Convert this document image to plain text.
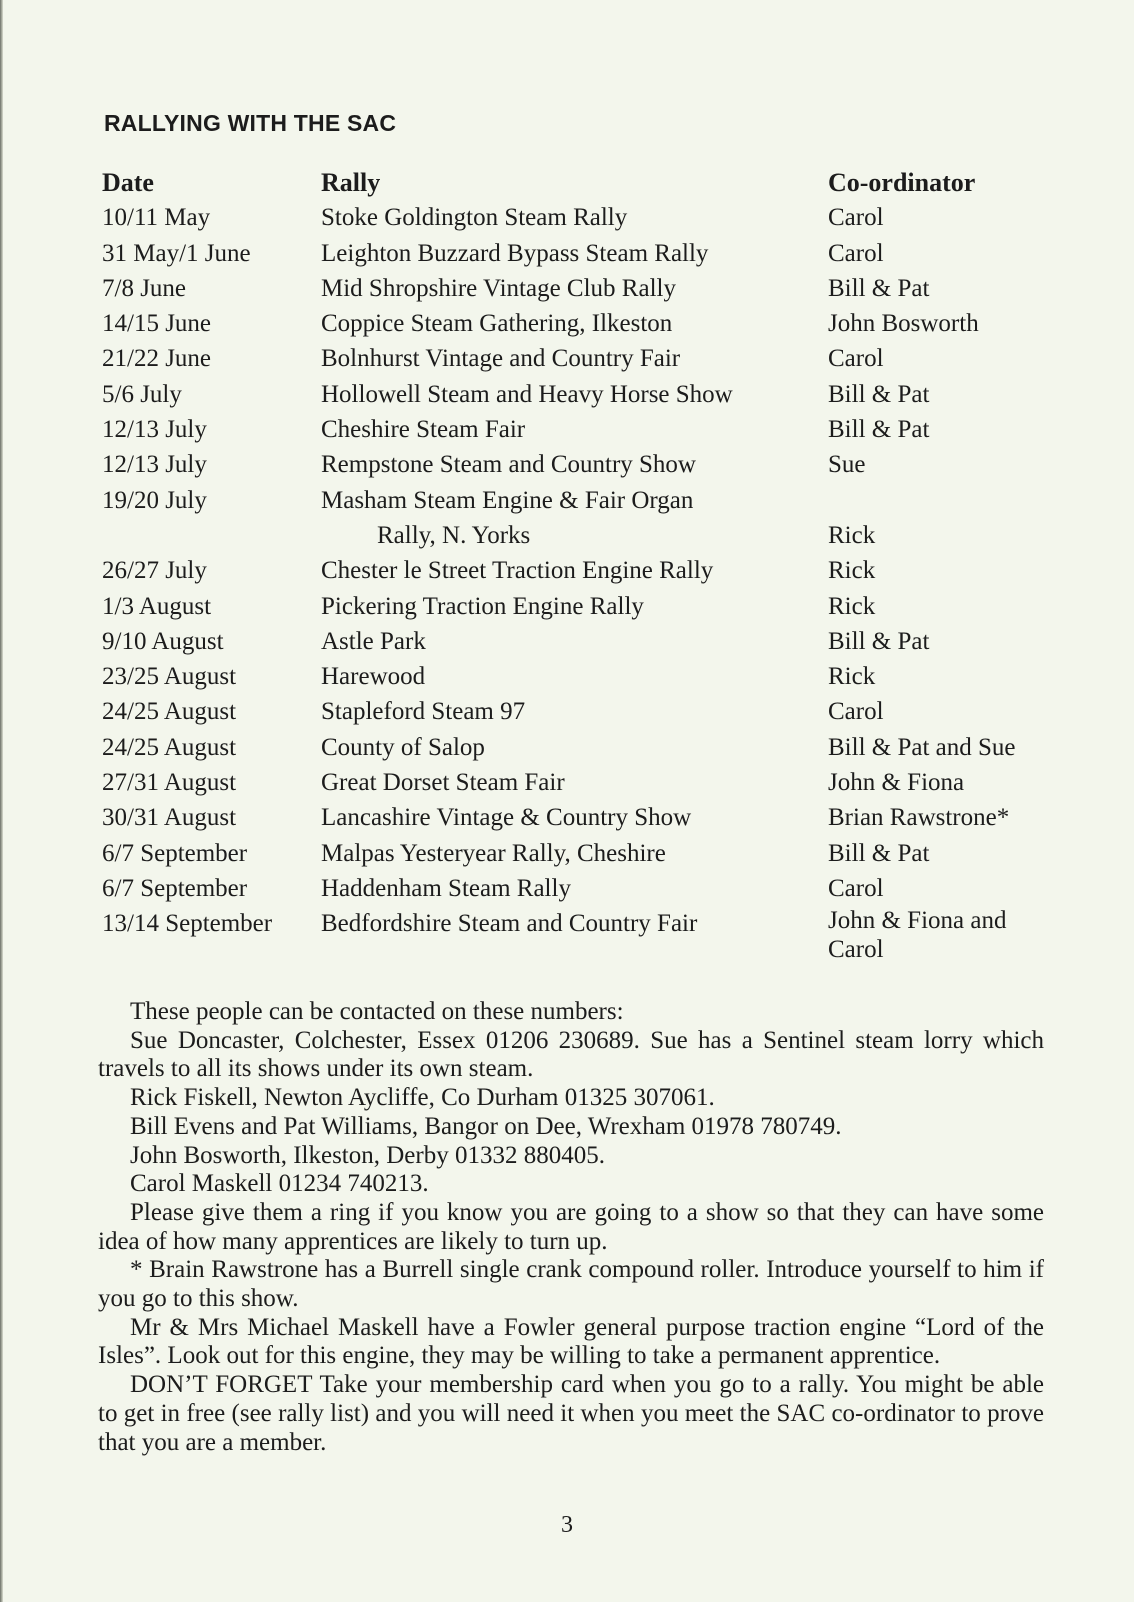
RALLYING WITH THE SAC
Date	Rally	Co-ordinator
10/11 May	Stoke Goldington Steam Rally	Carol
31 May/1 June	Leighton Buzzard Bypass Steam Rally	Carol
7/8 June	Mid Shropshire Vintage Club Rally	Bill & Pat
14/15 June	Coppice Steam Gathering, Ilkeston	John Bosworth
21/22 June	Bolnhurst Vintage and Country Fair	Carol
5/6 July	Hollowell Steam and Heavy Horse Show	Bill & Pat
12/13 July	Cheshire Steam Fair	Bill & Pat
12/13 July	Rempstone Steam and Country Show	Sue
19/20 July	Masham Steam Engine & Fair Organ	
	Rally, N. Yorks	Rick
26/27 July	Chester le Street Traction Engine Rally	Rick
1/3 August	Pickering Traction Engine Rally	Rick
9/10 August	Astle Park	Bill & Pat
23/25 August	Harewood	Rick
24/25 August	Stapleford Steam 97	Carol
24/25 August	County of Salop	Bill & Pat and Sue
27/31 August	Great Dorset Steam Fair	John & Fiona
30/31 August	Lancashire Vintage & Country Show	Brian Rawstrone*
6/7 September	Malpas Yesteryear Rally, Cheshire	Bill & Pat
6/7 September	Haddenham Steam Rally	Carol
13/14 September	Bedfordshire Steam and Country Fair	John & Fiona and Carol

These people can be contacted on these numbers:

Sue Doncaster, Colchester, Essex 01206 230689. Sue has a Sentinel steam lorry which travels to all its shows under its own steam.

Rick Fiskell, Newton Aycliffe, Co Durham 01325 307061.

Bill Evens and Pat Williams, Bangor on Dee, Wrexham 01978 780749.

John Bosworth, Ilkeston, Derby 01332 880405.

Carol Maskell 01234 740213.

Please give them a ring if you know you are going to a show so that they can have some idea of how many apprentices are likely to turn up.

* Brain Rawstrone has a Burrell single crank compound roller. Introduce yourself to him if you go to this show.

Mr & Mrs Michael Maskell have a Fowler general purpose traction engine “Lord of the Isles”. Look out for this engine, they may be willing to take a permanent apprentice.

DON’T FORGET Take your membership card when you go to a rally. You might be able to get in free (see rally list) and you will need it when you meet the SAC co-ordinator to prove that you are a member.

3
